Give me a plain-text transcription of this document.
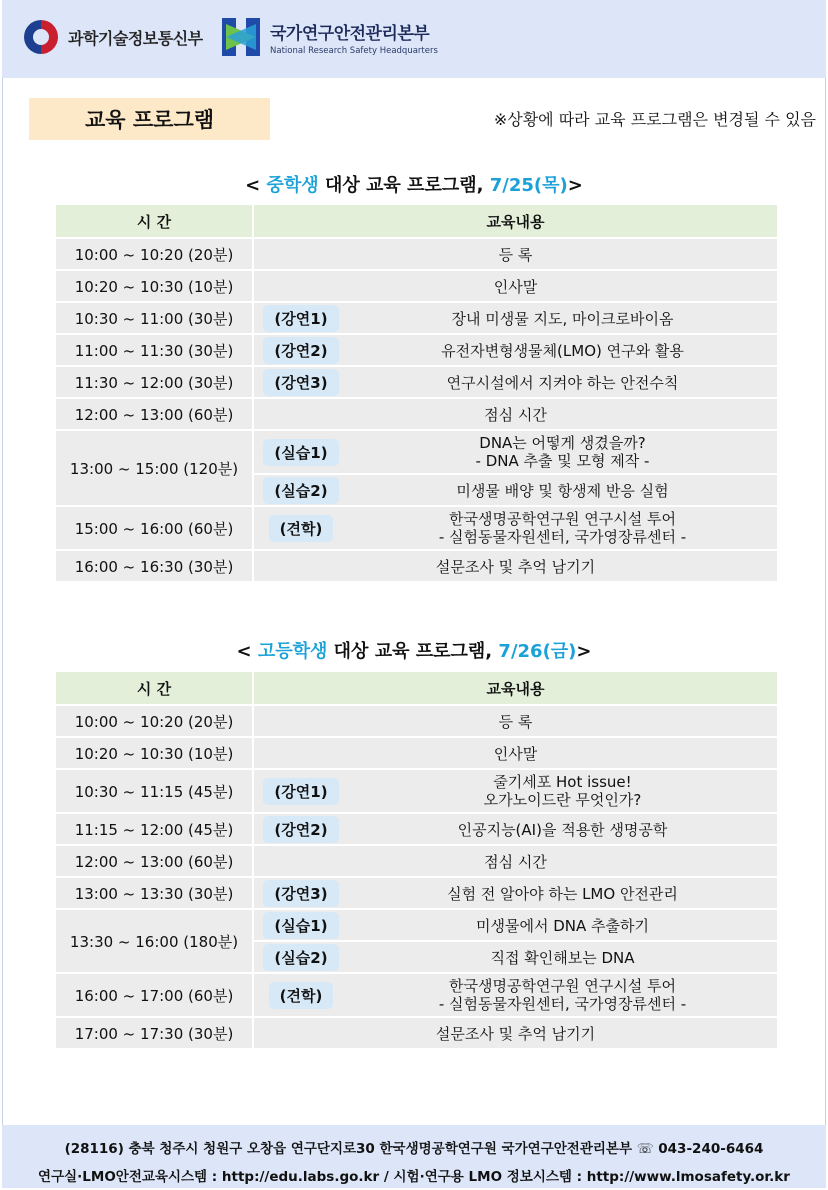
과학기술정보통신부	국가연구안전관리본부
National Research Safety Headquarters
교육 프로그램	※상황에 따라 교육 프로그램은 변경될 수 있음
< 중학생 대상 교육 프로그램, 7/25(목)>
시 간	교육내용	
10:00 ~ 10:20 (20분)	등 록	
10:20 ~ 10:30 (10분)	인사말	
10:30 ~ 11:00 (30분)	(강연1)	장내 미생물 지도, 마이크로바이옴
11:00 ~ 11:30 (30분)	(강연2)	유전자변형생물체(LMO) 연구와 활용
11:30 ~ 12:00 (30분)	(강연3)	연구시설에서 지켜야 하는 안전수칙
12:00 ~ 13:00 (60분)	점심 시간	
13:00 ~ 15:00 (120분)	(실습1)	DNA는 어떻게 생겼을까?
- DNA 추출 및 모형 제작 -

	(실습2)	미생물 배양 및 항생제 반응 실험
15:00 ~ 16:00 (60분)	(견학)	한국생명공학연구원 연구시설 투어
- 실험동물자원센터, 국가영장류센터 -

16:00 ~ 16:30 (30분)	설문조사 및 추억 남기기	
< 고등학생 대상 교육 프로그램, 7/26(금)>
시 간	교육내용	
10:00 ~ 10:20 (20분)	등 록	
10:20 ~ 10:30 (10분)	인사말	
10:30 ~ 11:15 (45분)	(강연1)	줄기세포 Hot issue!
오가노이드란 무엇인가?

11:15 ~ 12:00 (45분)	(강연2)	인공지능(AI)을 적용한 생명공학
12:00 ~ 13:00 (60분)	점심 시간	
13:00 ~ 13:30 (30분)	(강연3)	실험 전 알아야 하는 LMO 안전관리
13:30 ~ 16:00 (180분)	(실습1)	미생물에서 DNA 추출하기
	(실습2)	직접 확인해보는 DNA
16:00 ~ 17:00 (60분)	(견학)	한국생명공학연구원 연구시설 투어
- 실험동물자원센터, 국가영장류센터 -

17:00 ~ 17:30 (30분)	설문조사 및 추억 남기기	
(28116) 충북 청주시 청원구 오창읍 연구단지로30 한국생명공학연구원 국가연구안전관리본부 ☏ 043-240-6464
연구실·LMO안전교육시스템 : http://edu.labs.go.kr / 시험·연구용 LMO 정보시스템 : http://www.lmosafety.or.kr
